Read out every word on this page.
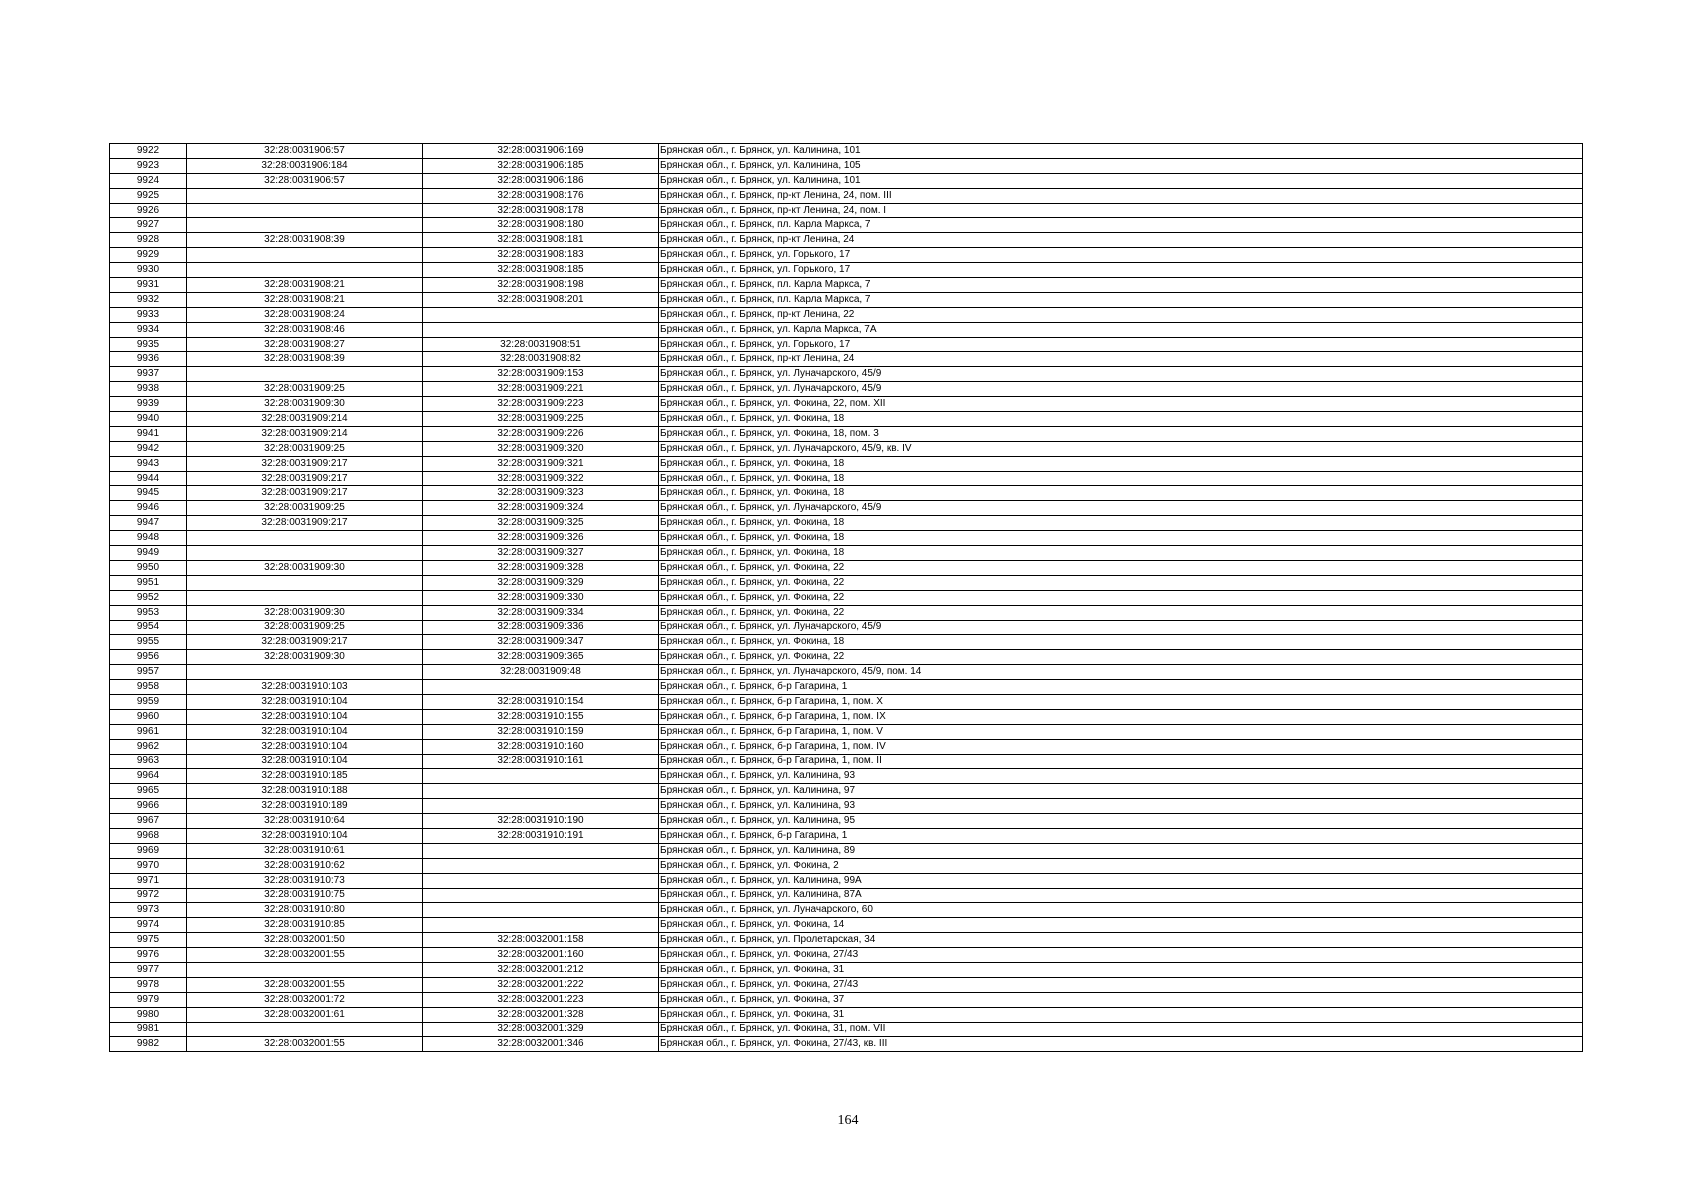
9922	32:28:0031906:57	32:28:0031906:169	Брянская обл., г. Брянск, ул. Калинина, 101
9923	32:28:0031906:184	32:28:0031906:185	Брянская обл., г. Брянск, ул. Калинина, 105
9924	32:28:0031906:57	32:28:0031906:186	Брянская обл., г. Брянск, ул. Калинина, 101
9925		32:28:0031908:176	Брянская обл., г. Брянск, пр-кт Ленина, 24, пом. III
9926		32:28:0031908:178	Брянская обл., г. Брянск, пр-кт Ленина, 24, пом. I
9927		32:28:0031908:180	Брянская обл., г. Брянск, пл. Карла Маркса, 7
9928	32:28:0031908:39	32:28:0031908:181	Брянская обл., г. Брянск, пр-кт Ленина, 24
9929		32:28:0031908:183	Брянская обл., г. Брянск, ул. Горького, 17
9930		32:28:0031908:185	Брянская обл., г. Брянск, ул. Горького, 17
9931	32:28:0031908:21	32:28:0031908:198	Брянская обл., г. Брянск, пл. Карла Маркса, 7
9932	32:28:0031908:21	32:28:0031908:201	Брянская обл., г. Брянск, пл. Карла Маркса, 7
9933	32:28:0031908:24		Брянская обл., г. Брянск, пр-кт Ленина, 22
9934	32:28:0031908:46		Брянская обл., г. Брянск, ул. Карла Маркса, 7А
9935	32:28:0031908:27	32:28:0031908:51	Брянская обл., г. Брянск, ул. Горького, 17
9936	32:28:0031908:39	32:28:0031908:82	Брянская обл., г. Брянск, пр-кт Ленина, 24
9937		32:28:0031909:153	Брянская обл., г. Брянск, ул. Луначарского, 45/9
9938	32:28:0031909:25	32:28:0031909:221	Брянская обл., г. Брянск, ул. Луначарского, 45/9
9939	32:28:0031909:30	32:28:0031909:223	Брянская обл., г. Брянск, ул. Фокина, 22, пом. XII
9940	32:28:0031909:214	32:28:0031909:225	Брянская обл., г. Брянск, ул. Фокина, 18
9941	32:28:0031909:214	32:28:0031909:226	Брянская обл., г. Брянск, ул. Фокина, 18, пом. 3
9942	32:28:0031909:25	32:28:0031909:320	Брянская обл., г. Брянск, ул. Луначарского, 45/9, кв. IV
9943	32:28:0031909:217	32:28:0031909:321	Брянская обл., г. Брянск, ул. Фокина, 18
9944	32:28:0031909:217	32:28:0031909:322	Брянская обл., г. Брянск, ул. Фокина, 18
9945	32:28:0031909:217	32:28:0031909:323	Брянская обл., г. Брянск, ул. Фокина, 18
9946	32:28:0031909:25	32:28:0031909:324	Брянская обл., г. Брянск, ул. Луначарского, 45/9
9947	32:28:0031909:217	32:28:0031909:325	Брянская обл., г. Брянск, ул. Фокина, 18
9948		32:28:0031909:326	Брянская обл., г. Брянск, ул. Фокина, 18
9949		32:28:0031909:327	Брянская обл., г. Брянск, ул. Фокина, 18
9950	32:28:0031909:30	32:28:0031909:328	Брянская обл., г. Брянск, ул. Фокина, 22
9951		32:28:0031909:329	Брянская обл., г. Брянск, ул. Фокина, 22
9952		32:28:0031909:330	Брянская обл., г. Брянск, ул. Фокина, 22
9953	32:28:0031909:30	32:28:0031909:334	Брянская обл., г. Брянск, ул. Фокина, 22
9954	32:28:0031909:25	32:28:0031909:336	Брянская обл., г. Брянск, ул. Луначарского, 45/9
9955	32:28:0031909:217	32:28:0031909:347	Брянская обл., г. Брянск, ул. Фокина, 18
9956	32:28:0031909:30	32:28:0031909:365	Брянская обл., г. Брянск, ул. Фокина, 22
9957		32:28:0031909:48	Брянская обл., г. Брянск, ул. Луначарского, 45/9, пом. 14
9958	32:28:0031910:103		Брянская обл., г. Брянск, б-р Гагарина, 1
9959	32:28:0031910:104	32:28:0031910:154	Брянская обл., г. Брянск, б-р Гагарина, 1, пом. X
9960	32:28:0031910:104	32:28:0031910:155	Брянская обл., г. Брянск, б-р Гагарина, 1, пом. IX
9961	32:28:0031910:104	32:28:0031910:159	Брянская обл., г. Брянск, б-р Гагарина, 1, пом. V
9962	32:28:0031910:104	32:28:0031910:160	Брянская обл., г. Брянск, б-р Гагарина, 1, пом. IV
9963	32:28:0031910:104	32:28:0031910:161	Брянская обл., г. Брянск, б-р Гагарина, 1, пом. II
9964	32:28:0031910:185		Брянская обл., г. Брянск, ул. Калинина, 93
9965	32:28:0031910:188		Брянская обл., г. Брянск, ул. Калинина, 97
9966	32:28:0031910:189		Брянская обл., г. Брянск, ул. Калинина, 93
9967	32:28:0031910:64	32:28:0031910:190	Брянская обл., г. Брянск, ул. Калинина, 95
9968	32:28:0031910:104	32:28:0031910:191	Брянская обл., г. Брянск, б-р Гагарина, 1
9969	32:28:0031910:61		Брянская обл., г. Брянск, ул. Калинина, 89
9970	32:28:0031910:62		Брянская обл., г. Брянск, ул. Фокина, 2
9971	32:28:0031910:73		Брянская обл., г. Брянск, ул. Калинина, 99А
9972	32:28:0031910:75		Брянская обл., г. Брянск, ул. Калинина, 87А
9973	32:28:0031910:80		Брянская обл., г. Брянск, ул. Луначарского, 60
9974	32:28:0031910:85		Брянская обл., г. Брянск, ул. Фокина, 14
9975	32:28:0032001:50	32:28:0032001:158	Брянская обл., г. Брянск, ул. Пролетарская, 34
9976	32:28:0032001:55	32:28:0032001:160	Брянская обл., г. Брянск, ул. Фокина, 27/43
9977		32:28:0032001:212	Брянская обл., г. Брянск, ул. Фокина, 31
9978	32:28:0032001:55	32:28:0032001:222	Брянская обл., г. Брянск, ул. Фокина, 27/43
9979	32:28:0032001:72	32:28:0032001:223	Брянская обл., г. Брянск, ул. Фокина, 37
9980	32:28:0032001:61	32:28:0032001:328	Брянская обл., г. Брянск, ул. Фокина, 31
9981		32:28:0032001:329	Брянская обл., г. Брянск, ул. Фокина, 31, пом. VII
9982	32:28:0032001:55	32:28:0032001:346	Брянская обл., г. Брянск, ул. Фокина, 27/43, кв. III
164
